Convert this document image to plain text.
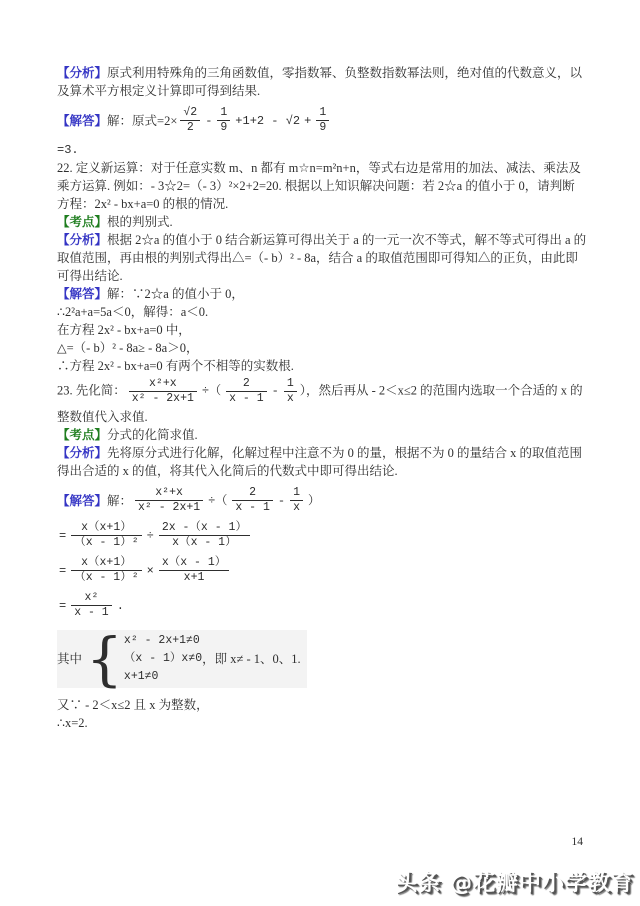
【分析】原式利用特殊角的三角函数值，零指数幂、负整数指数幂法则，绝对值的代数意义，以及算术平方根定义计算即可得到结果.

【解答】 解：原式$=2\times \frac{√2}{2} - \frac{1}{9} +1+2 - √2 + \frac{1}{9}$

=3.

22. 定义新运算：对于任意实数 m、n 都有 m☆n=m²n+n，等式右边是常用的加法、减法、乘法及乘方运算. 例如：- 3☆2=（- 3）²×2+2=20. 根据以上知识解决问题：若 2☆a 的值小于 0，请判断方程：2x² - bx+a=0 的根的情况.

【考点】根的判别式.

【分析】根据 2☆a 的值小于 0 结合新运算可得出关于 a 的一元一次不等式，解不等式可得出 a 的取值范围，再由根的判别式得出△=（- b）² - 8a，结合 a 的取值范围即可得知△的正负，由此即可得出结论.

【解答】解：∵2☆a 的值小于 0，

∴2²a+a=5a＜0，解得：a＜0.

在方程 2x² - bx+a=0 中，

△=（- b）² - 8a≥ - 8a＞0，

∴方程 2x² - bx+a=0 有两个不相等的实数根.

23. 先化简： $\frac{\text{x²+x}}{\text{x² - 2x+1}}$ ÷（ $\frac{2}{x - 1} - \frac{1}{x}$ ），然后再从 - 2＜x≤2 的范围内选取一个合适的 x 的整数值代入求值.

【考点】分式的化简求值.

【分析】先将原分式进行化解，化解过程中注意不为 0 的量，根据不为 0 的量结合 x 的取值范围得出合适的 x 的值，将其代入化简后的代数式中即可得出结论.

【解答】 解： $\frac{\text{x²+x}}{\text{x² - 2x+1}}$ ÷（ $\frac{2}{x - 1} - \frac{1}{x}$ ）
= $\frac{x(x+1)}{\text{（x - 1）²}} \div \frac{2x -(x - 1)}{x(x - 1)}$
= $\frac{x(x+1)}{\text{（x - 1）²}} \times \frac{x(x - 1)}{x+1}$
= $\frac{\text{x²}}{x - 1}$ .
其中 { x² - 2x+1≠0
（x - 1）x≠0
x+1≠0
，即 x≠ - 1、0、1.

又∵ - 2＜x≤2 且 x 为整数，

∴x=2.

14
头条 @花瓣中小学教育
